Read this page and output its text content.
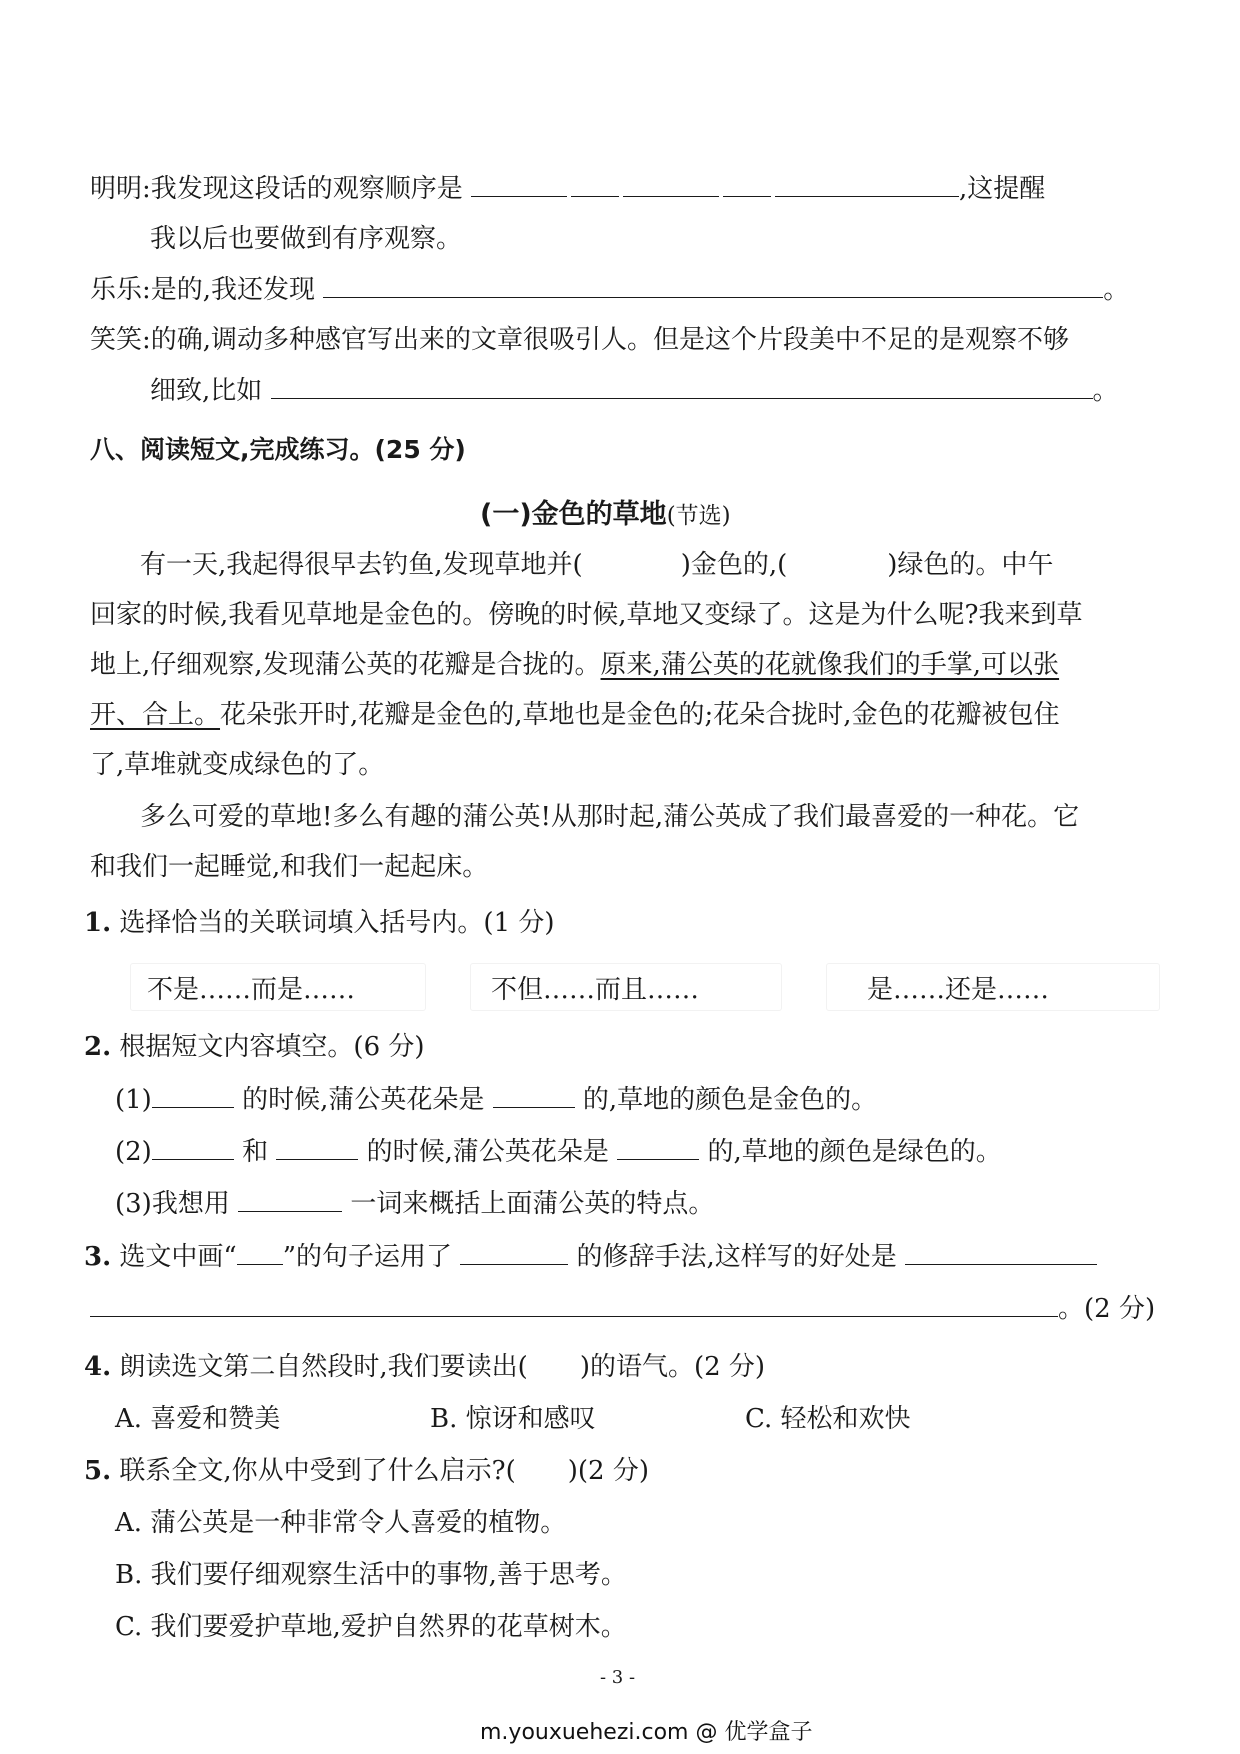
明明:我发现这段话的观察顺序是	,这提醒
我以后也要做到有序观察。
乐乐:是的,我还发现	。
笑笑:的确,调动多种感官写出来的文章很吸引人。但是这个片段美中不足的是观察不够
细致,比如	。
八、阅读短文,完成练习。(25 分)
(一)金色的草地(节选)
有一天,我起得很早去钓鱼,发现草地并(	)金色的,(	)绿色的。中午
回家的时候,我看见草地是金色的。傍晚的时候,草地又变绿了。这是为什么呢?我来到草
地上,仔细观察,发现蒲公英的花瓣是合拢的。原来,蒲公英的花就像我们的手掌,可以张
开、合上。花朵张开时,花瓣是金色的,草地也是金色的;花朵合拢时,金色的花瓣被包住
了,草堆就变成绿色的了。
多么可爱的草地!多么有趣的蒲公英!从那时起,蒲公英成了我们最喜爱的一种花。它
和我们一起睡觉,和我们一起起床。
1. 选择恰当的关联词填入括号内。(1 分)
不是……而是……	不但……而且……	是……还是……
2. 根据短文内容填空。(6 分)
(1)	的时候,蒲公英花朵是	的,草地的颜色是金色的。
(2)	和	的时候,蒲公英花朵是	的,草地的颜色是绿色的。
(3)我想用	一词来概括上面蒲公英的特点。
3. 选文中画“ ”的句子运用了	的修辞手法,这样写的好处是
。(2 分)
4. 朗读选文第二自然段时,我们要读出(　　)的语气。(2 分)
A. 喜爱和赞美	B. 惊讶和感叹	C. 轻松和欢快
5. 联系全文,你从中受到了什么启示?(　　)(2 分)
A. 蒲公英是一种非常令人喜爱的植物。
B. 我们要仔细观察生活中的事物,善于思考。
C. 我们要爱护草地,爱护自然界的花草树木。
- 3 -
m.youxuehezi.com @ 优学盒子
